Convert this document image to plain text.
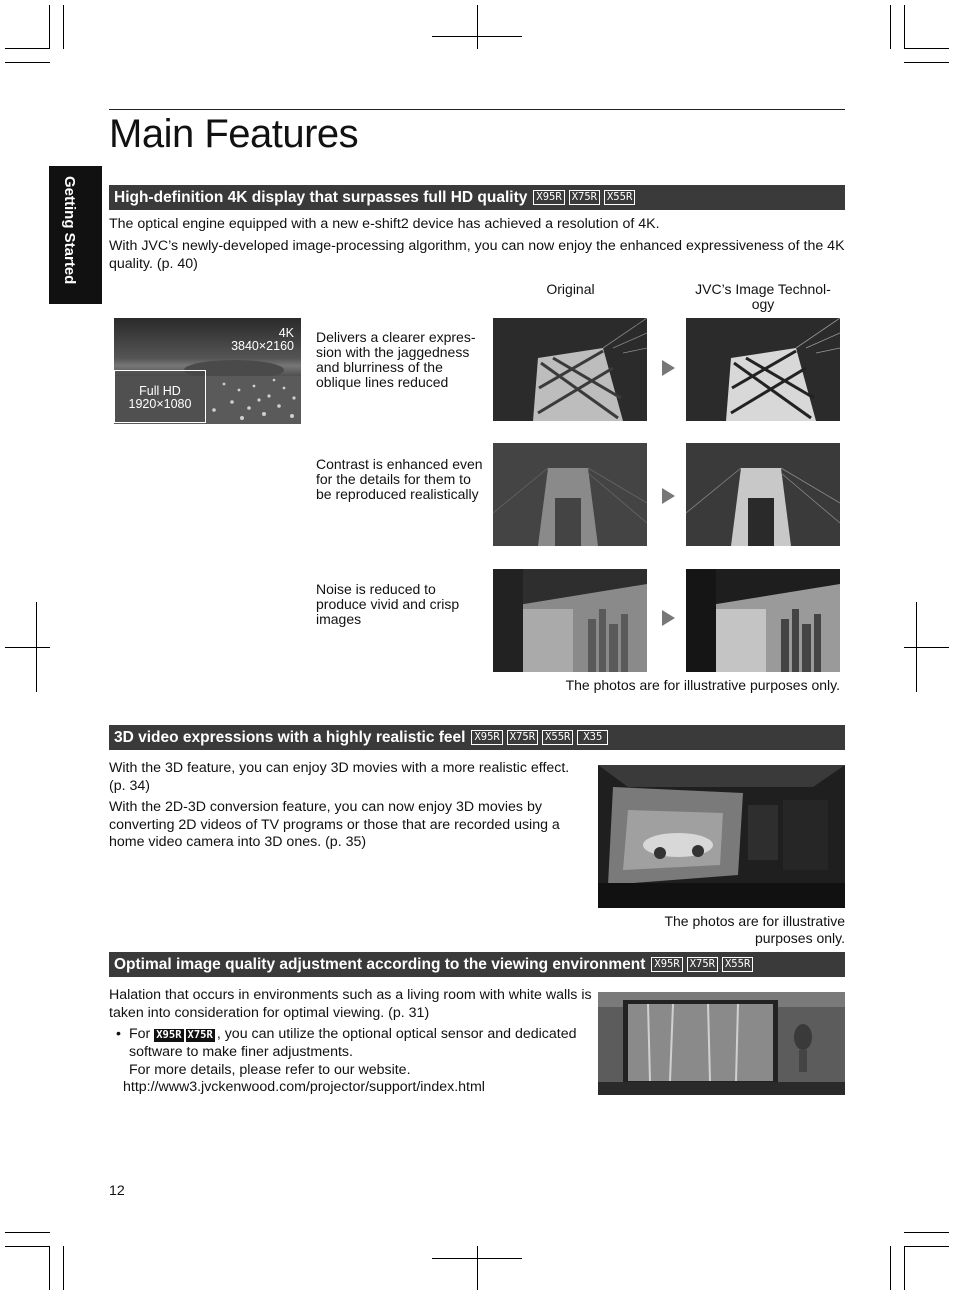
Main Features
Getting Started High-definition 4K display that surpasses full HD quality X95R X75R X55R
The optical engine equipped with a new e-shift2 device has achieved a resolution of 4K.
With JVC’s newly-developed image-processing algorithm, you can now enjoy the enhanced expressiveness of the 4K quality. (p. 40)
Original	JVC’s Image Technol-ogy
4K
3840×2160
Full HD
1920×1080
Delivers a clearer expres-sion with the jaggedness and blurriness of the oblique lines reduced
Contrast is enhanced even for the details for them to be reproduced realistically
Noise is reduced to produce vivid and crisp images
The photos are for illustrative purposes only.
3D video expressions with a highly realistic feel X95R X75R X55R	X35
With the 3D feature, you can enjoy 3D movies with a more realistic effect. (p. 34)
With the 2D-3D conversion feature, you can now enjoy 3D movies by converting 2D videos of TV programs or those that are recorded using a home video camera into 3D ones. (p. 35)
The photos are for illustrative purposes only.
Optimal image quality adjustment according to the viewing environment X95R X75R X55R
Halation that occurs in environments such as a living room with white walls is taken into consideration for optimal viewing. (p. 31)
• For X95R X75R , you can utilize the optional optical sensor and dedicated software to make finer adjustments.
For more details, please refer to our website.
http://www3.jvckenwood.com/projector/support/index.html
12
